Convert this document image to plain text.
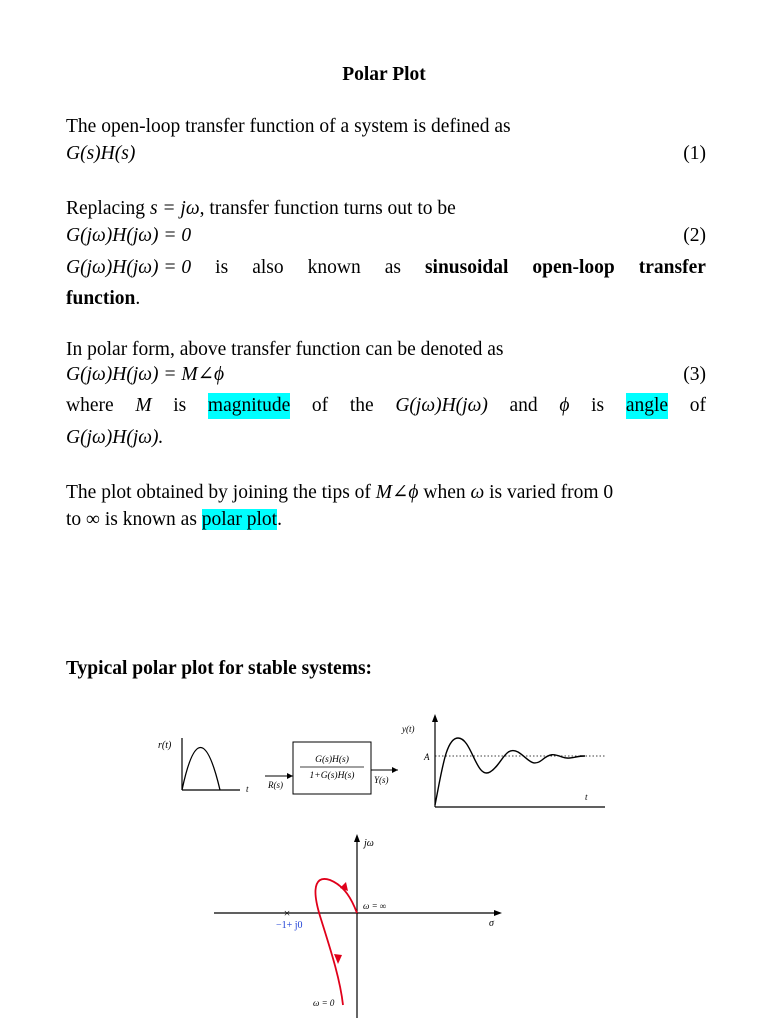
Polar Plot
The open-loop transfer function of a system is defined as
G(s)H(s)	(1)
Replacing s = jω, transfer function turns out to be
G(jω)H(jω) = 0	(2)
G(jω)H(jω) = 0 is also known as sinusoidal open-loop transfer
function.
In polar form, above transfer function can be denoted as
G(jω)H(jω) = M∠ϕ	(3)
where M is magnitude of the G(jω)H(jω) and ϕ is angle of
G(jω)H(jω).
The plot obtained by joining the tips of M∠ϕ when ω is varied from 0
to ∞ is known as polar plot.
Typical polar plot for stable systems:
r(t)
t R(s)
G(s)H(s)
1+G(s)H(s) Y(s)
y(t)
A
t
jω
σ
×
−1+ j0
ω = ∞
ω = 0
